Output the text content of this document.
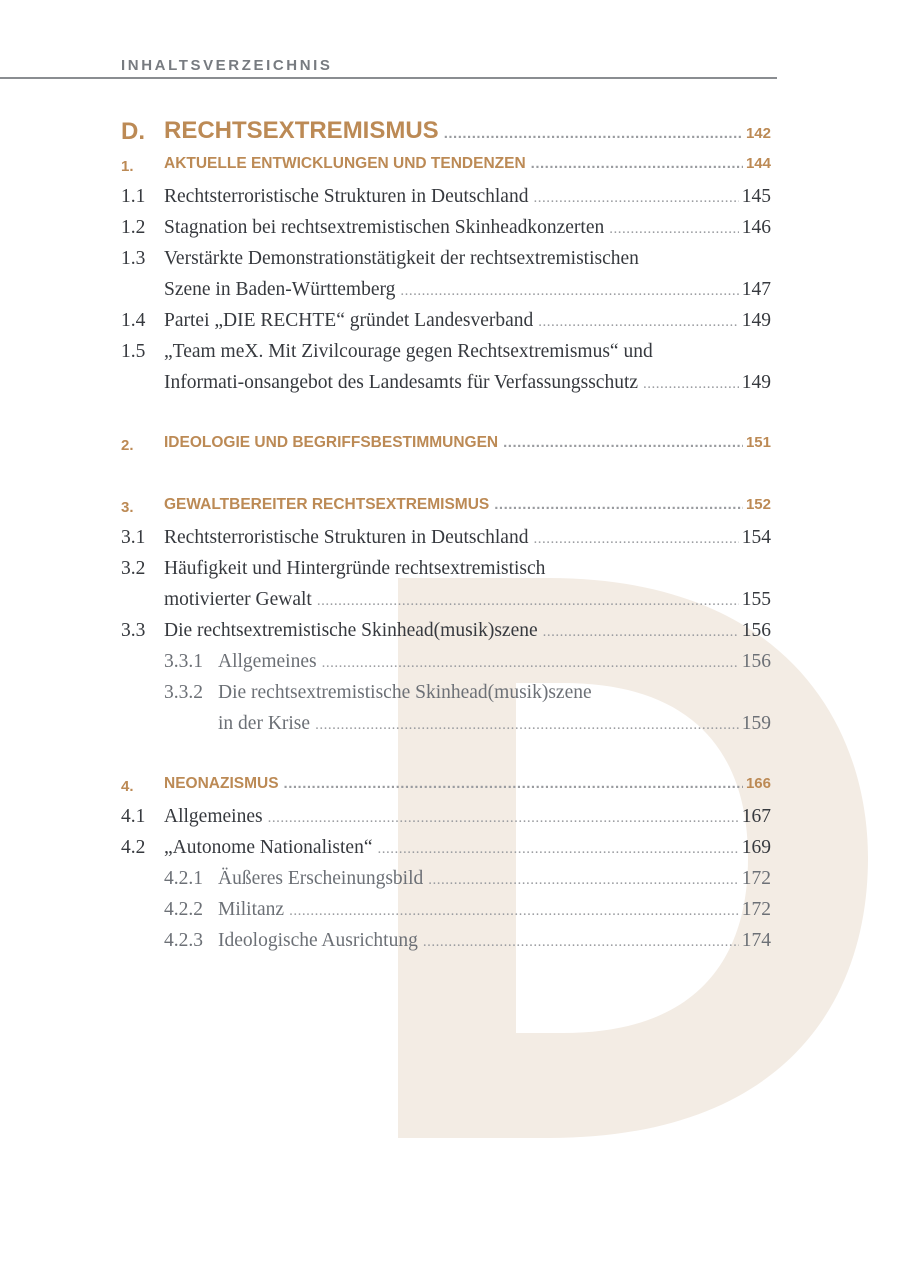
INHALTSVERZEICHNIS
D. RECHTSEXTREMISMUS .....	142
1. AKTUELLE ENTWICKLUNGEN UND TENDENZEN .....	144
1.1 Rechtsterroristische Strukturen in Deutschland .....	145
1.2 Stagnation bei rechtsextremistischen Skinheadkonzerten .....	146
1.3 Verstärkte Demonstrationstätigkeit der rechtsextremistischen
Szene in Baden-Württemberg .....	147
1.4 Partei „DIE RECHTE“ gründet Landesverband .....	149
1.5 „Team meX. Mit Zivilcourage gegen Rechtsextremismus“ und
Informati-onsangebot des Landesamts für Verfassungsschutz .....	149
2. IDEOLOGIE UND BEGRIFFSBESTIMMUNGEN .....	151
3. GEWALTBEREITER RECHTSEXTREMISMUS .....	152
3.1 Rechtsterroristische Strukturen in Deutschland .....	154
3.2 Häufigkeit und Hintergründe rechtsextremistisch
motivierter Gewalt .....	155
3.3 Die rechtsextremistische Skinhead(musik)szene .....	156
3.3.1 Allgemeines .....	156
3.3.2 Die rechtsextremistische Skinhead(musik)szene
in der Krise .....	159
4. NEONAZISMUS .....	166
4.1 Allgemeines .....	167
4.2 „Autonome Nationalisten“ .....	169
4.2.1 Äußeres Erscheinungsbild .....	172
4.2.2 Militanz .....	172
4.2.3 Ideologische Ausrichtung .....	174
